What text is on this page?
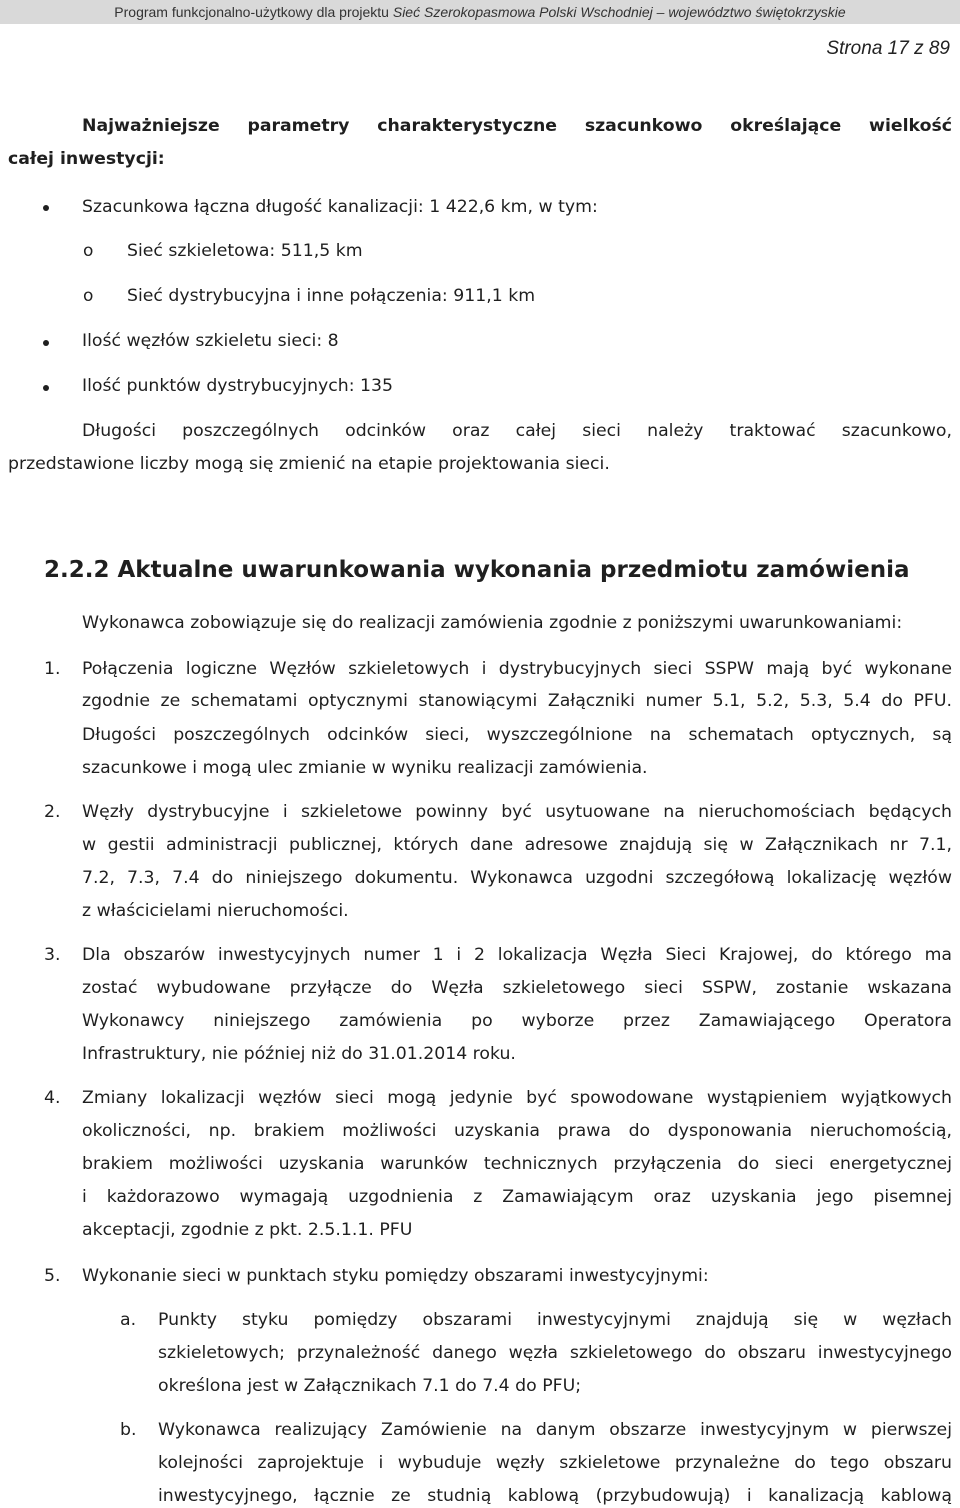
Program funkcjonalno-użytkowy dla projektu Sieć Szerokopasmowa Polski Wschodniej – województwo świętokrzyskie
Strona 17 z 89
Najważniejsze parametry charakterystyczne szacunkowo określające wielkość
całej inwestycji:
Szacunkowa łączna długość kanalizacji: 1 422,6 km, w tym:
o Sieć szkieletowa: 511,5 km
o Sieć dystrybucyjna i inne połączenia: 911,1 km
Ilość węzłów szkieletu sieci: 8
Ilość punktów dystrybucyjnych: 135
Długości poszczególnych odcinków oraz całej sieci należy traktować szacunkowo,
przedstawione liczby mogą się zmienić na etapie projektowania sieci.
2.2.2 Aktualne uwarunkowania wykonania przedmiotu zamówienia
Wykonawca zobowiązuje się do realizacji zamówienia zgodnie z poniższymi uwarunkowaniami:
1. Połączenia logiczne Węzłów szkieletowych i dystrybucyjnych sieci SSPW mają być wykonane
zgodnie ze schematami optycznymi stanowiącymi Załączniki numer 5.1, 5.2, 5.3, 5.4 do PFU.
Długości poszczególnych odcinków sieci, wyszczególnione na schematach optycznych, są
szacunkowe i mogą ulec zmianie w wyniku realizacji zamówienia.
2. Węzły dystrybucyjne i szkieletowe powinny być usytuowane na nieruchomościach będących
w gestii administracji publicznej, których dane adresowe znajdują się w Załącznikach nr 7.1,
7.2, 7.3, 7.4 do niniejszego dokumentu. Wykonawca uzgodni szczegółową lokalizację węzłów
z właścicielami nieruchomości.
3. Dla obszarów inwestycyjnych numer 1 i 2 lokalizacja Węzła Sieci Krajowej, do którego ma
zostać wybudowane przyłącze do Węzła szkieletowego sieci SSPW, zostanie wskazana
Wykonawcy niniejszego zamówienia po wyborze przez Zamawiającego Operatora
Infrastruktury, nie później niż do 31.01.2014 roku.
4. Zmiany lokalizacji węzłów sieci mogą jedynie być spowodowane wystąpieniem wyjątkowych
okoliczności, np. brakiem możliwości uzyskania prawa do dysponowania nieruchomością,
brakiem możliwości uzyskania warunków technicznych przyłączenia do sieci energetycznej
i każdorazowo wymagają uzgodnienia z Zamawiającym oraz uzyskania jego pisemnej
akceptacji, zgodnie z pkt. 2.5.1.1. PFU
5. Wykonanie sieci w punktach styku pomiędzy obszarami inwestycyjnymi:
a. Punkty styku pomiędzy obszarami inwestycyjnymi znajdują się w węzłach
szkieletowych; przynależność danego węzła szkieletowego do obszaru inwestycyjnego
określona jest w Załącznikach 7.1 do 7.4 do PFU;
b. Wykonawca realizujący Zamówienie na danym obszarze inwestycyjnym w pierwszej
kolejności zaprojektuje i wybuduje węzły szkieletowe przynależne do tego obszaru
inwestycyjnego, łącznie ze studnią kablową (przybudowują) i kanalizacją kablową
